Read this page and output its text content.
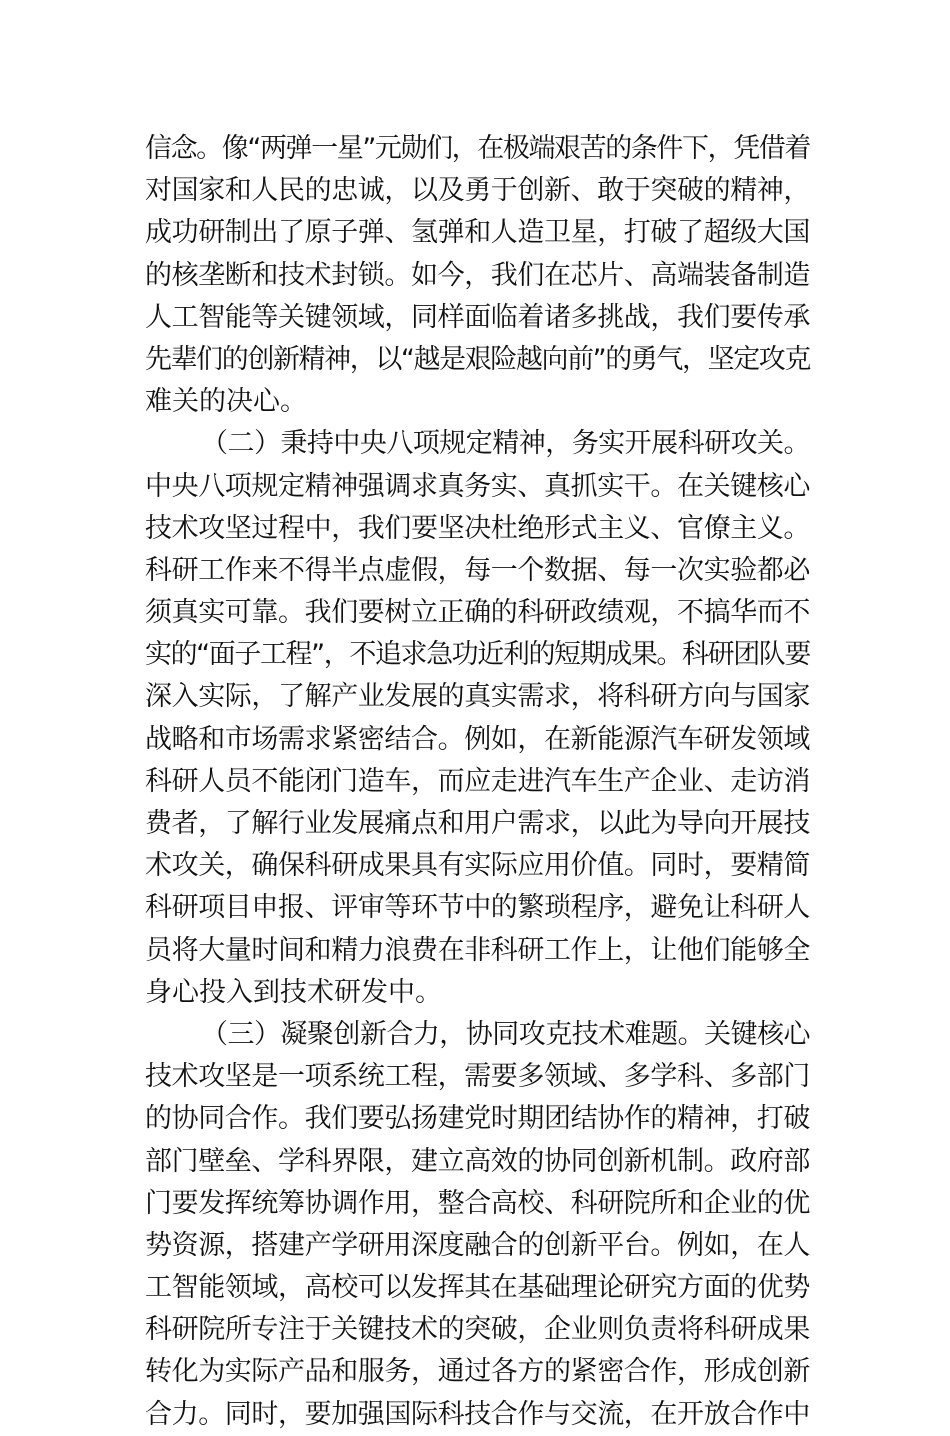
信念。像“两弹一星”元勋们，在极端艰苦的条件下，凭借着
对国家和人民的忠诚，以及勇于创新、敢于突破的精神，
成功研制出了原子弹、氢弹和人造卫星，打破了超级大国
的核垄断和技术封锁。如今，我们在芯片、高端装备制造
人工智能等关键领域，同样面临着诸多挑战，我们要传承
先辈们的创新精神，以“越是艰险越向前”的勇气，坚定攻克
难关的决心。
（二）秉持中央八项规定精神，务实开展科研攻关。
中央八项规定精神强调求真务实、真抓实干。在关键核心
技术攻坚过程中，我们要坚决杜绝形式主义、官僚主义。
科研工作来不得半点虚假，每一个数据、每一次实验都必
须真实可靠。我们要树立正确的科研政绩观，不搞华而不
实的“面子工程”，不追求急功近利的短期成果。科研团队要
深入实际，了解产业发展的真实需求，将科研方向与国家
战略和市场需求紧密结合。例如，在新能源汽车研发领域
科研人员不能闭门造车，而应走进汽车生产企业、走访消
费者，了解行业发展痛点和用户需求，以此为导向开展技
术攻关，确保科研成果具有实际应用价值。同时，要精简
科研项目申报、评审等环节中的繁琐程序，避免让科研人
员将大量时间和精力浪费在非科研工作上，让他们能够全
身心投入到技术研发中。
（三）凝聚创新合力，协同攻克技术难题。关键核心
技术攻坚是一项系统工程，需要多领域、多学科、多部门
的协同合作。我们要弘扬建党时期团结协作的精神，打破
部门壁垒、学科界限，建立高效的协同创新机制。政府部
门要发挥统筹协调作用，整合高校、科研院所和企业的优
势资源，搭建产学研用深度融合的创新平台。例如，在人
工智能领域，高校可以发挥其在基础理论研究方面的优势
科研院所专注于关键技术的突破，企业则负责将科研成果
转化为实际产品和服务，通过各方的紧密合作，形成创新
合力。同时，要加强国际科技合作与交流，在开放合作中
